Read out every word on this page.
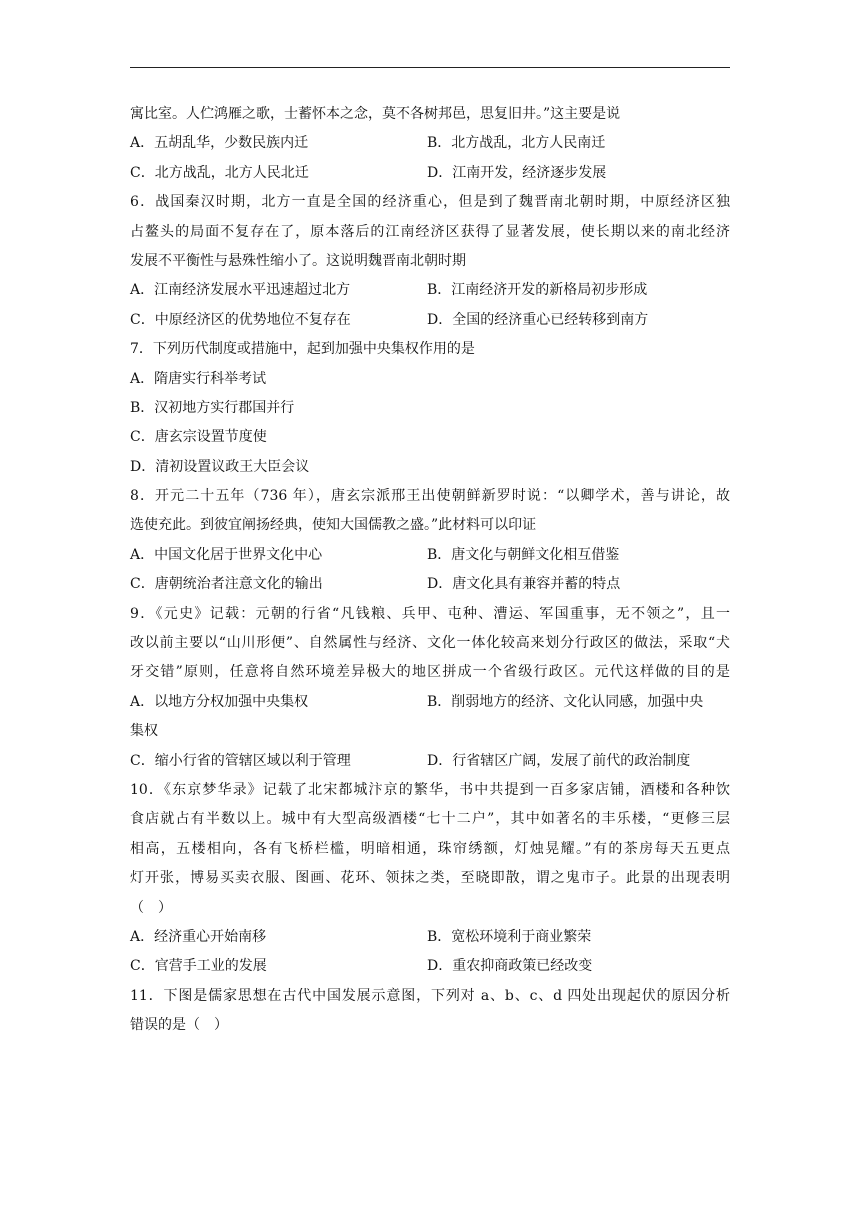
寓比室。人伫鸿雁之歌，士蓄怀本之念，莫不各树邦邑，思复旧井。”这主要是说
A．五胡乱华，少数民族内迁	B．北方战乱，北方人民南迁
C．北方战乱，北方人民北迁	D．江南开发，经济逐步发展
6．战国秦汉时期，北方一直是全国的经济重心，但是到了魏晋南北朝时期，中原经济区独
占鳌头的局面不复存在了，原本落后的江南经济区获得了显著发展，使长期以来的南北经济
发展不平衡性与悬殊性缩小了。这说明魏晋南北朝时期
A．江南经济发展水平迅速超过北方	B．江南经济开发的新格局初步形成
C．中原经济区的优势地位不复存在	D．全国的经济重心已经转移到南方
7．下列历代制度或措施中，起到加强中央集权作用的是
A．隋唐实行科举考试
B．汉初地方实行郡国并行
C．唐玄宗设置节度使
D．清初设置议政王大臣会议
8．开元二十五年（736 年），唐玄宗派邢王出使朝鲜新罗时说：“以卿学术，善与讲论，故
选使充此。到彼宜阐扬经典，使知大国儒教之盛。”此材料可以印证
A．中国文化居于世界文化中心	B．唐文化与朝鲜文化相互借鉴
C．唐朝统治者注意文化的输出	D．唐文化具有兼容并蓄的特点
9．《元史》记载：元朝的行省“凡钱粮、兵甲、屯种、漕运、军国重事，无不领之”，且一
改以前主要以“山川形便”、自然属性与经济、文化一体化较高来划分行政区的做法，采取“犬
牙交错”原则，任意将自然环境差异极大的地区拼成一个省级行政区。元代这样做的目的是
A．以地方分权加强中央集权	B．削弱地方的经济、文化认同感，加强中央
集权
C．缩小行省的管辖区域以利于管理	D．行省辖区广阔，发展了前代的政治制度
10．《东京梦华录》记载了北宋都城汴京的繁华，书中共提到一百多家店铺，酒楼和各种饮
食店就占有半数以上。城中有大型高级酒楼“七十二户”，其中如著名的丰乐楼，“更修三层
相高，五楼相向，各有飞桥栏槛，明暗相通，珠帘绣额，灯烛晃耀。”有的茶房每天五更点
灯开张，博易买卖衣服、图画、花环、领抹之类，至晓即散，谓之鬼市子。此景的出现表明
（　）
A．经济重心开始南移	B．宽松环境利于商业繁荣
C．官营手工业的发展	D．重农抑商政策已经改变
11．下图是儒家思想在古代中国发展示意图，下列对 a、b、c、d 四处出现起伏的原因分析
错误的是（　）
